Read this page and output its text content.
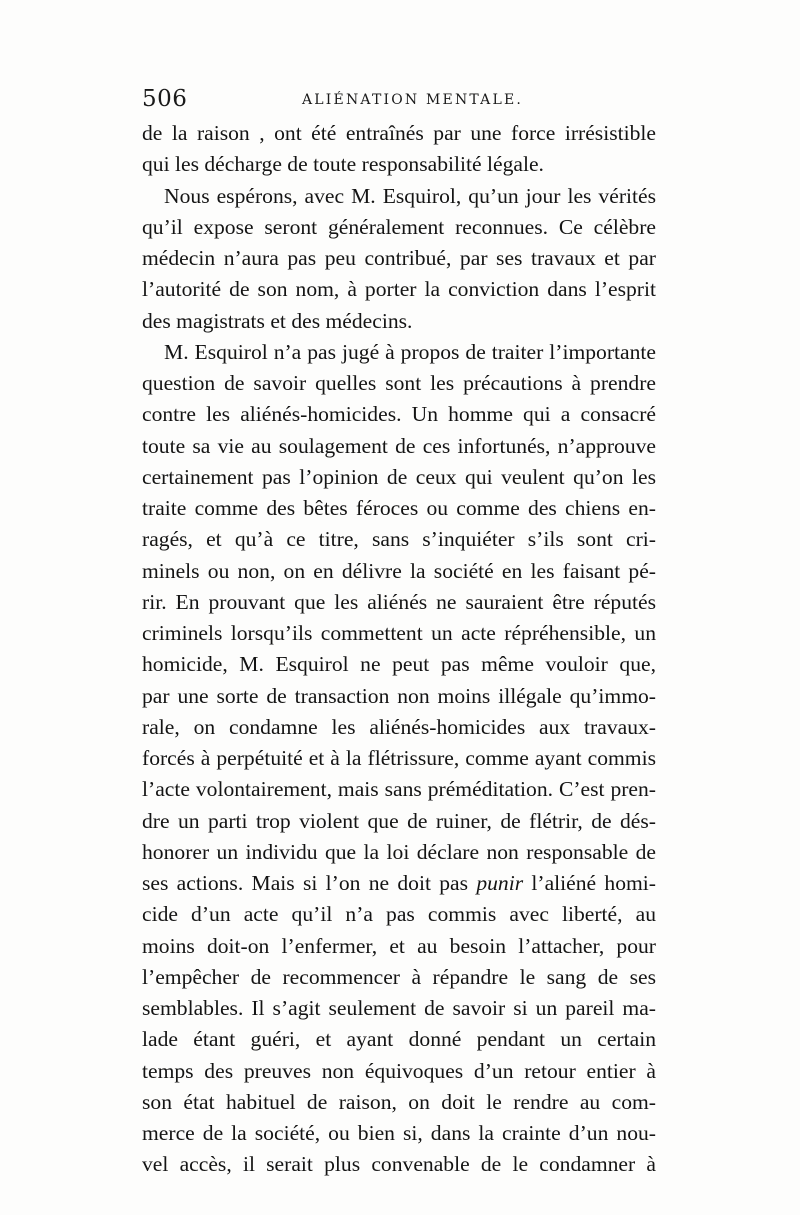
506	ALIÉNATION MENTALE.
de la raison , ont été entraînés par une force irrésistible
qui les décharge de toute responsabilité légale.
Nous espérons, avec M. Esquirol, qu’un jour les vérités
qu’il expose seront généralement reconnues. Ce célèbre
médecin n’aura pas peu contribué, par ses travaux et par
l’autorité de son nom, à porter la conviction dans l’esprit
des magistrats et des médecins.
M. Esquirol n’a pas jugé à propos de traiter l’importante
question de savoir quelles sont les précautions à prendre
contre les aliénés-homicides. Un homme qui a consacré
toute sa vie au soulagement de ces infortunés, n’approuve
certainement pas l’opinion de ceux qui veulent qu’on les
traite comme des bêtes féroces ou comme des chiens en-
ragés, et qu’à ce titre, sans s’inquiéter s’ils sont cri-
minels ou non, on en délivre la société en les faisant pé-
rir. En prouvant que les aliénés ne sauraient être réputés
criminels lorsqu’ils commettent un acte répréhensible, un
homicide, M. Esquirol ne peut pas même vouloir que,
par une sorte de transaction non moins illégale qu’immo-
rale, on condamne les aliénés-homicides aux travaux-
forcés à perpétuité et à la flétrissure, comme ayant commis
l’acte volontairement, mais sans préméditation. C’est pren-
dre un parti trop violent que de ruiner, de flétrir, de dés-
honorer un individu que la loi déclare non responsable de
ses actions. Mais si l’on ne doit pas punir l’aliéné homi-
cide d’un acte qu’il n’a pas commis avec liberté, au
moins doit-on l’enfermer, et au besoin l’attacher, pour
l’empêcher de recommencer à répandre le sang de ses
semblables. Il s’agit seulement de savoir si un pareil ma-
lade étant guéri, et ayant donné pendant un certain
temps des preuves non équivoques d’un retour entier à
son état habituel de raison, on doit le rendre au com-
merce de la société, ou bien si, dans la crainte d’un nou-
vel accès, il serait plus convenable de le condamner à
